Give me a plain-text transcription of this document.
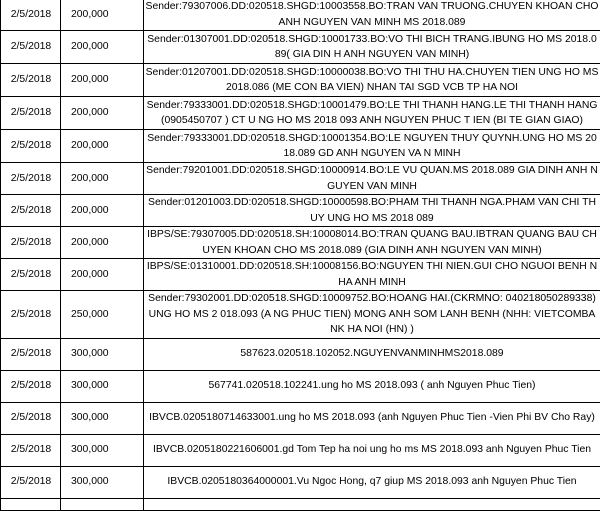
2/5/2018	200,000	Sender:79307006.DD:020518.SHGD:10003558.BO:TRAN VAN TRUONG.CHUYEN KHOAN CHO ANH NGUYEN VAN MINH MS 2018.089
2/5/2018	200,000	Sender:01307001.DD:020518.SHGD:10001733.BO:VO THI BICH TRANG.IBUNG HO MS 2018.089( GIA DIN H ANH NGUYEN VAN MINH)
2/5/2018	200,000	Sender:01207001.DD:020518.SHGD:10000038.BO:VO THI THU HA.CHUYEN TIEN UNG HO MS2018.086 (ME CON BA VIEN) NHAN TAI SGD VCB TP HA NOI
2/5/2018	200,000	Sender:79333001.DD:020518.SHGD:10001479.BO:LE THI THANH HANG.LE THI THANH HANG (0905450707 ) CT U NG HO MS 2018 093 ANH NGUYEN PHUC T IEN (BI TE GIAN GIAO)
2/5/2018	200,000	Sender:79333001.DD:020518.SHGD:10001354.BO:LE NGUYEN THUY QUYNH.UNG HO MS 2018.089 GD ANH NGUYEN VA N MINH
2/5/2018	200,000	Sender:79201001.DD:020518.SHGD:10000914.BO:LE VU QUAN.MS 2018.089 GIA DINH ANH NGUYEN VAN MINH
2/5/2018	200,000	Sender:01201003.DD:020518.SHGD:10000598.BO:PHAM THI THANH NGA.PHAM VAN CHI THUY UNG HO MS 2018 089
2/5/2018	200,000	IBPS/SE:79307005.DD:020518.SH:10008014.BO:TRAN QUANG BAU.IBTRAN QUANG BAU CHUYEN KHOAN CHO MS 2018.089 (GIA DINH ANH NGUYEN VAN MINH)
2/5/2018	200,000	IBPS/SE:01310001.DD:020518.SH:10008156.BO:NGUYEN THI NIEN.GUI CHO NGUOI BENH NHA ANH MINH
2/5/2018	250,000	Sender:79302001.DD:020518.SHGD:10009752.BO:HOANG HAI.(CKRMNO: 040218050289338)UNG HO MS 2 018.093 (A NG PHUC TIEN) MONG ANH SOM LANH BENH (NHH: VIETCOMBANK HA NOI (HN) )
2/5/2018	300,000	587623.020518.102052.NGUYENVANMINHMS2018.089
2/5/2018	300,000	567741.020518.102241.ung ho MS 2018.093 ( anh Nguyen Phuc Tien)
2/5/2018	300,000	IBVCB.0205180714633001.ung ho MS 2018.093 (anh Nguyen Phuc Tien -Vien Phi BV Cho Ray)
2/5/2018	300,000	IBVCB.0205180221606001.gd Tom Tep ha noi ung ho ms MS 2018.093 anh Nguyen Phuc Tien
2/5/2018	300,000	IBVCB.0205180364000001.Vu Ngoc Hong, q7 giup MS 2018.093 anh Nguyen Phuc Tien
